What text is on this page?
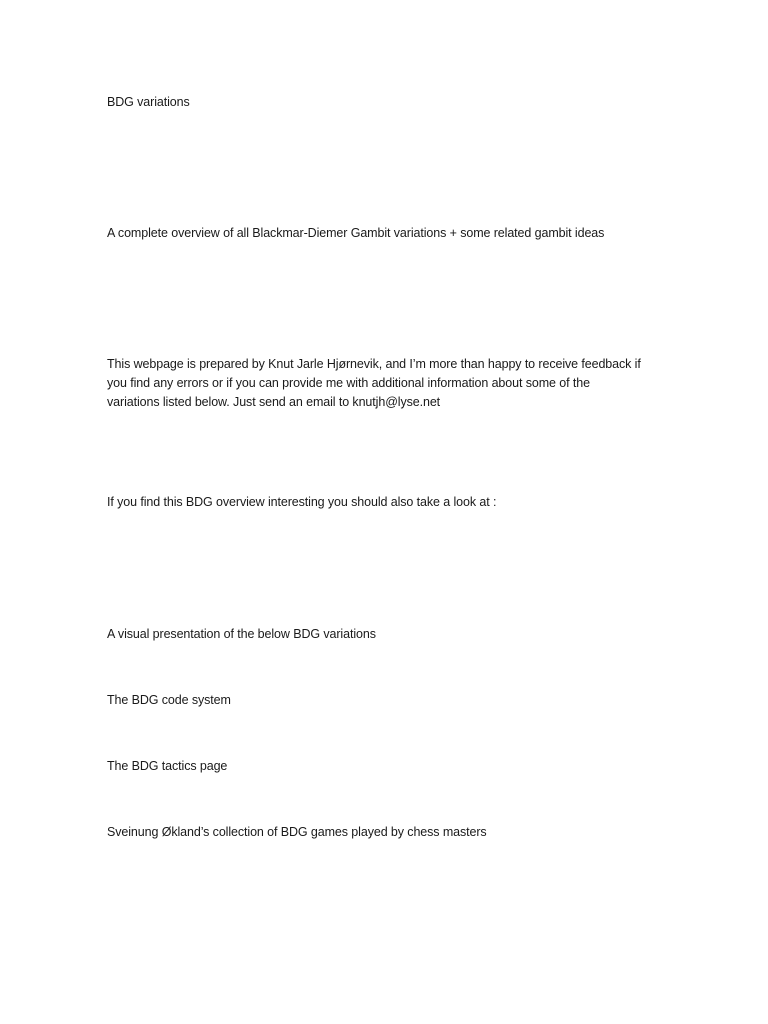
BDG variations

A complete overview of all Blackmar-Diemer Gambit variations + some related gambit ideas

This webpage is prepared by Knut Jarle Hjørnevik, and I’m more than happy to receive feedback if
you find any errors or if you can provide me with additional information about some of the
variations listed below. Just send an email to knutjh@lyse.net

If you find this BDG overview interesting you should also take a look at :

A visual presentation of the below BDG variations

The BDG code system

The BDG tactics page

Sveinung Økland’s collection of BDG games played by chess masters
